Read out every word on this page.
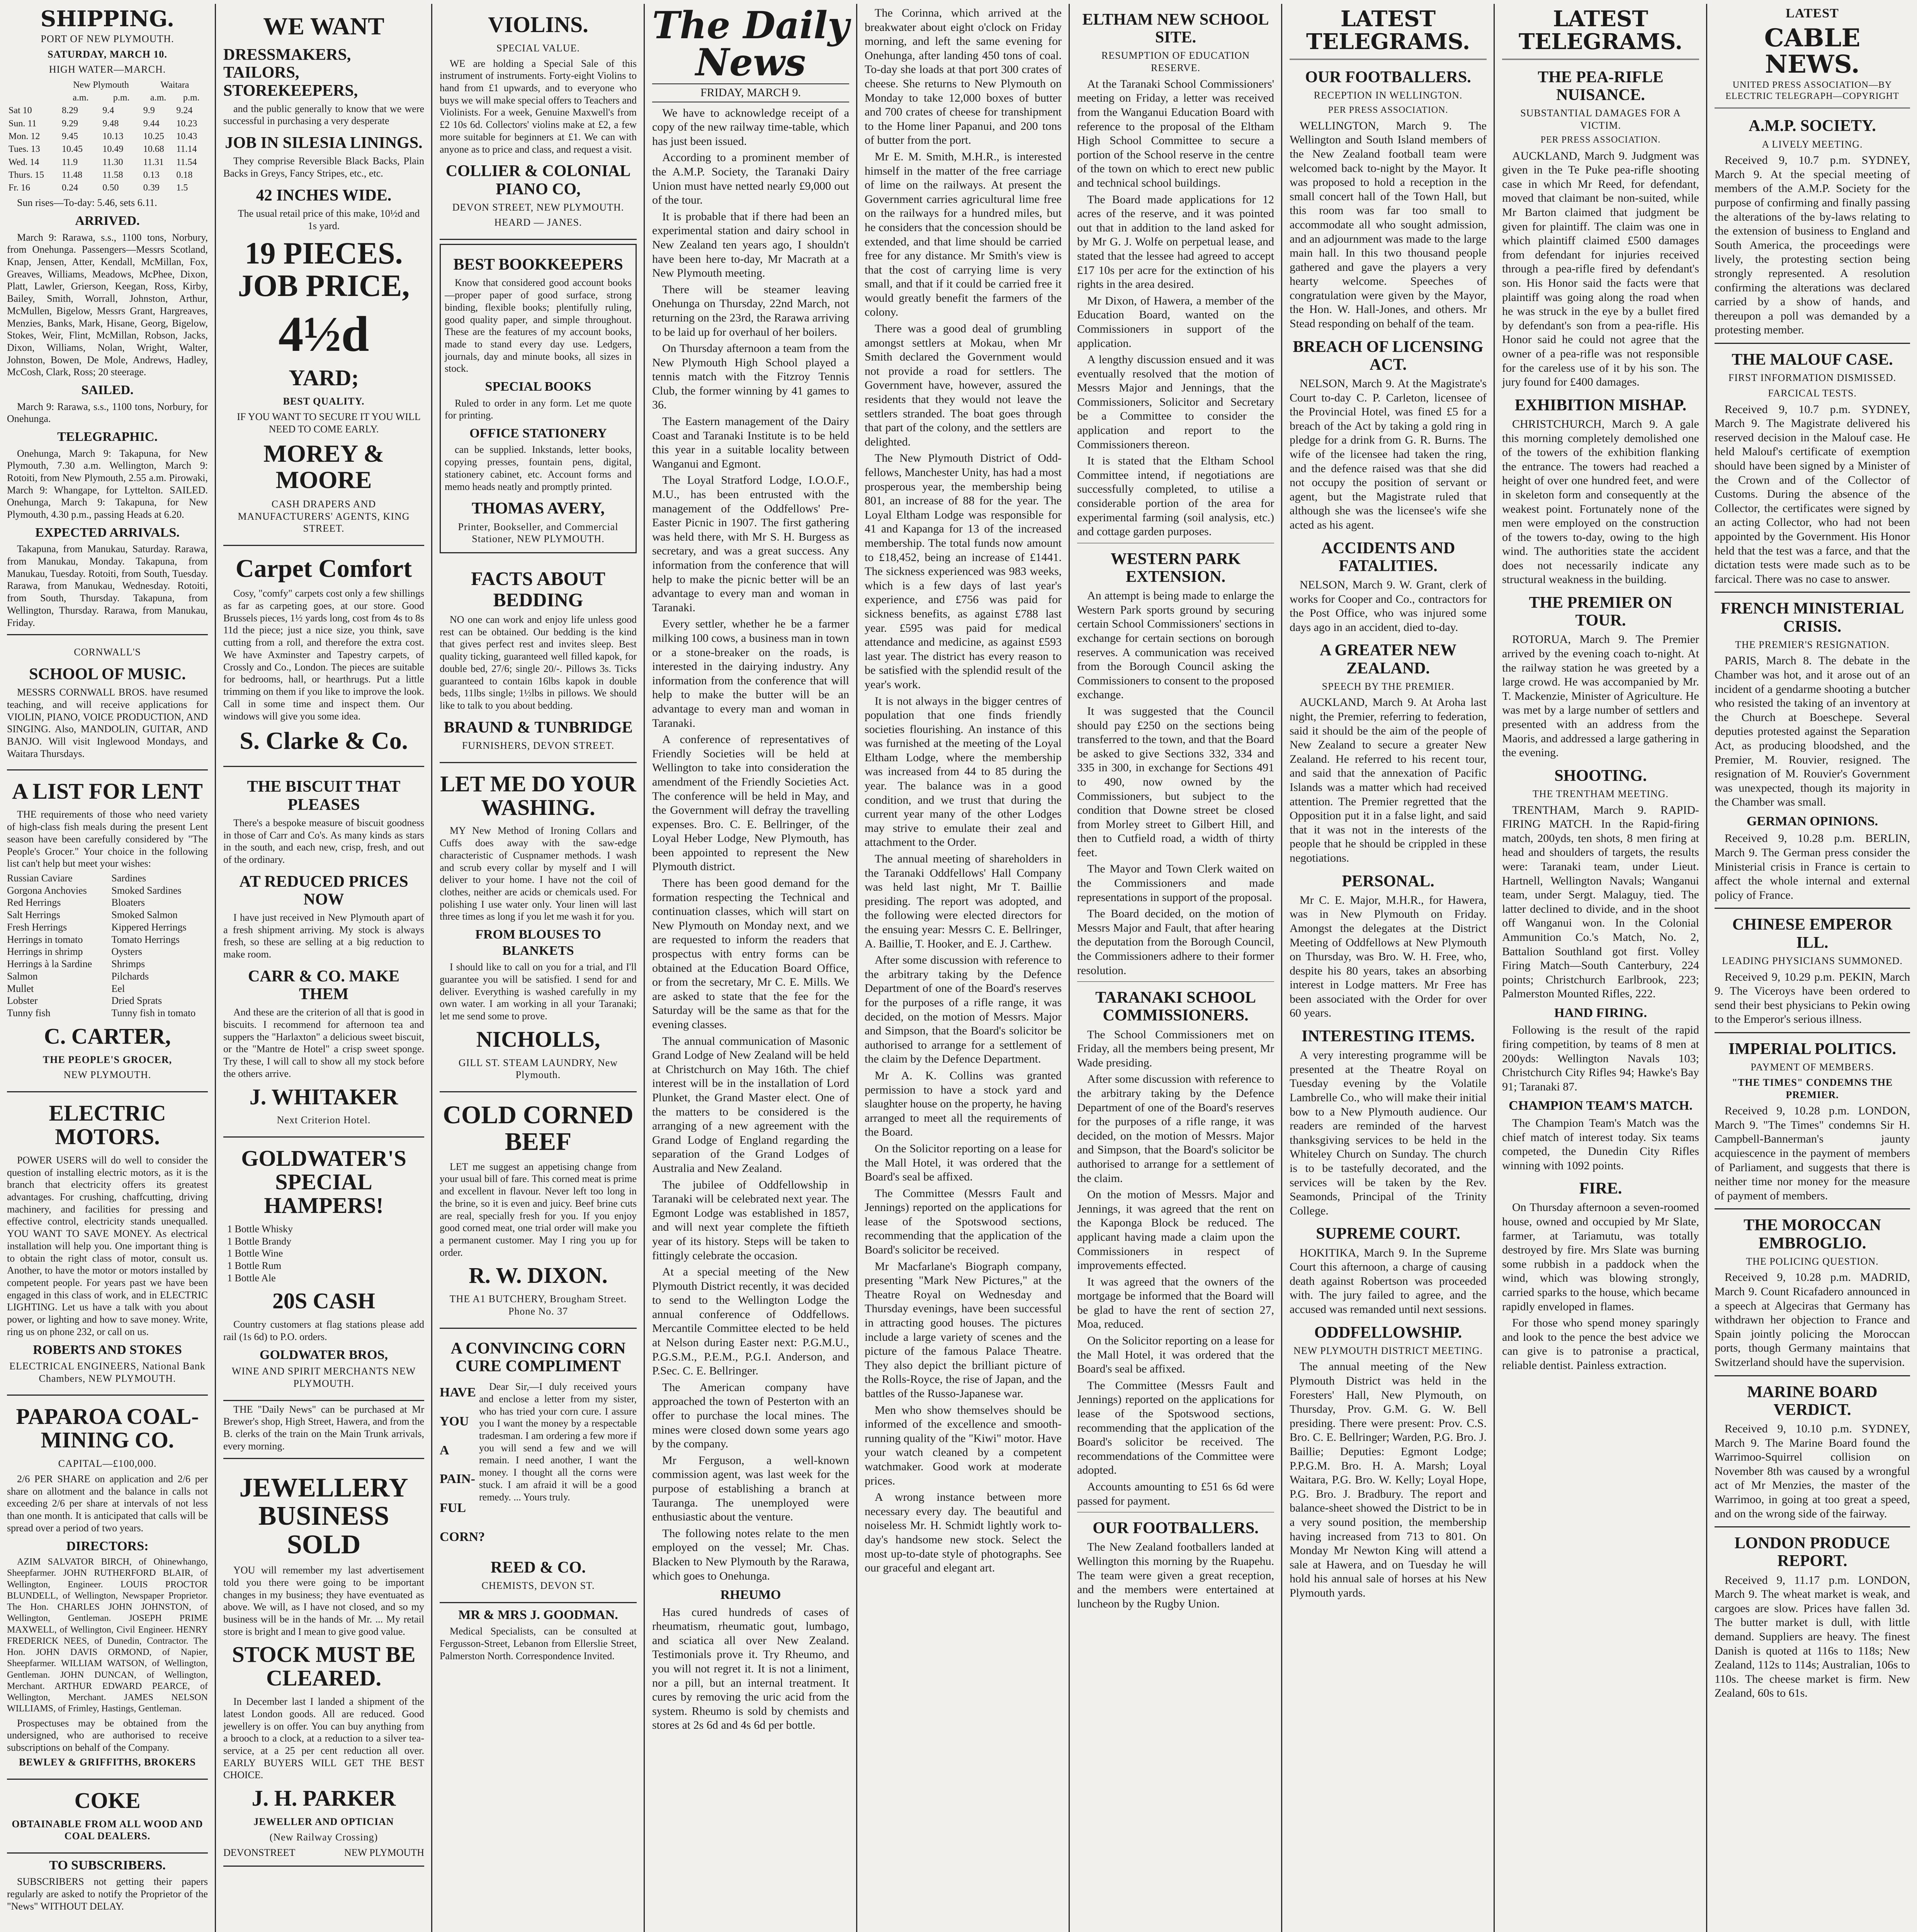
SHIPPING.
PORT OF NEW PLYMOUTH.
SATURDAY, MARCH 10.
HIGH WATER—MARCH.
	New Plymouth		Waitara	
	a.m.	p.m.	a.m.	p.m.
Sat 10	8.29	9.4	9.9	9.24
Sun. 11	9.29	9.48	9.44	10.23
Mon. 12	9.45	10.13	10.25	10.43
Tues. 13	10.45	10.49	10.68	11.14
Wed. 14	11.9	11.30	11.31	11.54
Thurs. 15	11.48	11.58	0.13	0.18
Fr. 16	0.24	0.50	0.39	1.5
Sun rises—To-day: 5.46, sets 6.11.
ARRIVED.
March 9: Rarawa, s.s., 1100 tons, Norbury, from Onehunga. Passengers—Messrs Scotland, Knap, Jensen, Atter, Kendall, McMillan, Fox, Greaves, Williams, Meadows, McPhee, Dixon, Platt, Lawler, Grierson, Keegan, Ross, Kirby, Bailey, Smith, Worrall, Johnston, Arthur, McMullen, Bigelow, Messrs Grant, Hargreaves, Menzies, Banks, Mark, Hisane, Georg, Bigelow, Stokes, Weir, Flint, McMillan, Robson, Jacks, Dixon, Williams, Nolan, Wright, Walter, Johnston, Bowen, De Mole, Andrews, Hadley, McCosh, Clark, Ross; 20 steerage.
SAILED.
March 9: Rarawa, s.s., 1100 tons, Norbury, for Onehunga.
TELEGRAPHIC.
Onehunga, March 9: Takapuna, for New Plymouth, 7.30 a.m. Wellington, March 9: Rotoiti, from New Plymouth, 2.55 a.m. Pirowaki, March 9: Whangape, for Lyttelton. SAILED. Onehunga, March 9: Takapuna, for New Plymouth, 4.30 p.m., passing Heads at 6.20.
EXPECTED ARRIVALS.
Takapuna, from Manukau, Saturday. Rarawa, from Manukau, Monday. Takapuna, from Manukau, Tuesday. Rotoiti, from South, Tuesday. Rarawa, from Manukau, Wednesday. Rotoiti, from South, Thursday. Takapuna, from Wellington, Thursday. Rarawa, from Manukau, Friday.
CORNWALL'S
SCHOOL OF MUSIC.
MESSRS CORNWALL BROS. have resumed teaching, and will receive applications for VIOLIN, PIANO, VOICE PRODUCTION, AND SINGING. Also, MANDOLIN, GUITAR, AND BANJO. Will visit Inglewood Mondays, and Waitara Thursdays.
A LIST FOR LENT
THE requirements of those who need variety of high-class fish meals during the present Lent season have been carefully considered by "The People's Grocer." Your choice in the following list can't help but meet your wishes:
Russian Caviare	Sardines
Gorgona Anchovies	Smoked Sardines
Red Herrings	Bloaters
Salt Herrings	Smoked Salmon
Fresh Herrings	Kippered Herrings
Herrings in tomato	Tomato Herrings
Herrings in shrimp	Oysters
Herrings à la Sardine	Shrimps
Salmon	Pilchards
Mullet	Eel
Lobster	Dried Sprats
Tunny fish	Tunny fish in tomato
C. CARTER,
THE PEOPLE'S GROCER,
NEW PLYMOUTH.
ELECTRIC MOTORS.
POWER USERS will do well to consider the question of installing electric motors, as it is the branch that electricity offers its greatest advantages. For crushing, chaffcutting, driving machinery, and facilities for pressing and effective control, electricity stands unequalled. YOU WANT TO SAVE MONEY. As electrical installation will help you. One important thing is to obtain the right class of motor, consult us. Another, to have the motor or motors installed by competent people. For years past we have been engaged in this class of work, and in ELECTRIC LIGHTING. Let us have a talk with you about power, or lighting and how to save money. Write, ring us on phone 232, or call on us.
ROBERTS AND STOKES
ELECTRICAL ENGINEERS, National Bank Chambers, NEW PLYMOUTH.
PAPAROA COAL-MINING CO.
CAPITAL—£100,000.
2/6 PER SHARE on application and 2/6 per share on allotment and the balance in calls not exceeding 2/6 per share at intervals of not less than one month. It is anticipated that calls will be spread over a period of two years.
DIRECTORS:
AZIM SALVATOR BIRCH, of Ohinewhango, Sheepfarmer. JOHN RUTHERFORD BLAIR, of Wellington, Engineer. LOUIS PROCTOR BLUNDELL, of Wellington, Newspaper Proprietor. The Hon. CHARLES JOHN JOHNSTON, of Wellington, Gentleman. JOSEPH PRIME MAXWELL, of Wellington, Civil Engineer. HENRY FREDERICK NEES, of Dunedin, Contractor. The Hon. JOHN DAVIS ORMOND, of Napier, Sheepfarmer. WILLIAM WATSON, of Wellington, Gentleman. JOHN DUNCAN, of Wellington, Merchant. ARTHUR EDWARD PEARCE, of Wellington, Merchant. JAMES NELSON WILLIAMS, of Frimley, Hastings, Gentleman.
Prospectuses may be obtained from the undersigned, who are authorised to receive subscriptions on behalf of the Company.
BEWLEY & GRIFFITHS, BROKERS
COKE
OBTAINABLE FROM ALL WOOD AND COAL DEALERS.
TO SUBSCRIBERS.
SUBSCRIBERS not getting their papers regularly are asked to notify the Proprietor of the "News" WITHOUT DELAY.
WE WANT
DRESSMAKERS, TAILORS, STOREKEEPERS,
and the public generally to know that we were successful in purchasing a very desperate
JOB IN SILESIA LININGS.
They comprise Reversible Black Backs, Plain Backs in Greys, Fancy Stripes, etc., etc.
42 INCHES WIDE.
The usual retail price of this make, 10½d and 1s yard.
19 PIECES. JOB PRICE,
4½d
YARD;
BEST QUALITY.
IF YOU WANT TO SECURE IT YOU WILL NEED TO COME EARLY.
MOREY & MOORE
CASH DRAPERS AND MANUFACTURERS' AGENTS, KING STREET.
Carpet Comfort
Cosy, "comfy" carpets cost only a few shillings as far as carpeting goes, at our store. Good Brussels pieces, 1½ yards long, cost from 4s to 8s 11d the piece; just a nice size, you think, save cutting from a roll, and therefore the extra cost. We have Axminster and Tapestry carpets, of Crossly and Co., London. The pieces are suitable for bedrooms, hall, or hearthrugs. Put a little trimming on them if you like to improve the look. Call in some time and inspect them. Our windows will give you some idea.
S. Clarke & Co.
THE BISCUIT THAT PLEASES
There's a bespoke measure of biscuit goodness in those of Carr and Co's. As many kinds as stars in the south, and each new, crisp, fresh, and out of the ordinary.
AT REDUCED PRICES NOW
I have just received in New Plymouth apart of a fresh shipment arriving. My stock is always fresh, so these are selling at a big reduction to make room.
CARR & CO. MAKE THEM
And these are the criterion of all that is good in biscuits. I recommend for afternoon tea and suppers the "Harlaxton" a delicious sweet biscuit, or the "Mantre de Hotel" a crisp sweet sponge. Try these, I will call to show all my stock before the others arrive.
J. WHITAKER
Next Criterion Hotel.
GOLDWATER'S SPECIAL HAMPERS!
1 Bottle Whisky
1 Bottle Brandy
1 Bottle Wine
1 Bottle Rum
1 Bottle Ale
20S CASH
Country customers at flag stations please add rail (1s 6d) to P.O. orders.
GOLDWATER BROS,
WINE AND SPIRIT MERCHANTS NEW PLYMOUTH.
THE "Daily News" can be purchased at Mr Brewer's shop, High Street, Hawera, and from the B. clerks of the train on the Main Trunk arrivals, every morning.
JEWELLERY BUSINESS SOLD
YOU will remember my last advertisement told you there were going to be important changes in my business; they have eventuated as above. We will, as I have not closed, and so my business will be in the hands of Mr. ... My retail store is bright and I mean to give good value.
STOCK MUST BE CLEARED.
In December last I landed a shipment of the latest London goods. All are reduced. Good jewellery is on offer. You can buy anything from a brooch to a clock, at a reduction to a silver tea-service, at a 25 per cent reduction all over. EARLY BUYERS WILL GET THE BEST CHOICE.
J. H. PARKER
JEWELLER AND OPTICIAN
(New Railway Crossing)
DEVONSTREET	NEW PLYMOUTH
VIOLINS.
SPECIAL VALUE.
WE are holding a Special Sale of this instrument of instruments. Forty-eight Violins to hand from £1 upwards, and to everyone who buys we will make special offers to Teachers and Violinists. For a week, Genuine Maxwell's from £2 10s 6d. Collectors' violins make at £2, a few more suitable for beginners at £1. We can with anyone as to price and class, and request a visit.
COLLIER & COLONIAL PIANO CO,
DEVON STREET, NEW PLYMOUTH.
HEARD — JANES.
BEST BOOKKEEPERS
Know that considered good account books—proper paper of good surface, strong binding, flexible books; plentifully ruling, good quality paper, and simple throughout. These are the features of my account books, made to stand every day use. Ledgers, journals, day and minute books, all sizes in stock.
SPECIAL BOOKS
Ruled to order in any form. Let me quote for printing.
OFFICE STATIONERY
can be supplied. Inkstands, letter books, copying presses, fountain pens, digital, stationery cabinet, etc. Account forms and memo heads neatly and promptly printed.
THOMAS AVERY,
Printer, Bookseller, and Commercial Stationer, NEW PLYMOUTH.
FACTS ABOUT BEDDING
NO one can work and enjoy life unless good rest can be obtained. Our bedding is the kind that gives perfect rest and invites sleep. Best quality ticking, guaranteed well filled kapok, for double bed, 27/6; single 20/-. Pillows 3s. Ticks guaranteed to contain 16lbs kapok in double beds, 11lbs single; 1½lbs in pillows. We should like to talk to you about bedding.
BRAUND & TUNBRIDGE
FURNISHERS, DEVON STREET.
LET ME DO YOUR WASHING.
MY New Method of Ironing Collars and Cuffs does away with the saw-edge characteristic of Cuspnamer methods. I wash and scrub every collar by myself and I will deliver to your home. I have not the coil of clothes, neither are acids or chemicals used. For polishing I use water only. Your linen will last three times as long if you let me wash it for you.
FROM BLOUSES TO BLANKETS
I should like to call on you for a trial, and I'll guarantee you will be satisfied. I send for and deliver. Everything is washed carefully in my own water. I am working in all your Taranaki; let me send some to prove.
NICHOLLS,
GILL ST. STEAM LAUNDRY, New Plymouth.
COLD CORNED BEEF
LET me suggest an appetising change from your usual bill of fare. This corned meat is prime and excellent in flavour. Never left too long in the brine, so it is even and juicy. Beef brine cuts are real, specially fresh for you. If you enjoy good corned meat, one trial order will make you a permanent customer. May I ring you up for order.
R. W. DIXON.
THE A1 BUTCHERY, Brougham Street. Phone No. 37
A CONVINCING CORN CURE COMPLIMENT
HAVE
YOU
A
PAIN-
FUL
CORN?
Dear Sir,—I duly received yours and enclose a letter from my sister, who has tried your corn cure. I assure you I want the money by a respectable tradesman. I am ordering a few more if you will send a few and we will remain. I need another, I want the money. I thought all the corns were stuck. I am afraid it will be a good remedy. ... Yours truly.
REED & CO.
CHEMISTS, DEVON ST.
MR & MRS J. GOODMAN.
Medical Specialists, can be consulted at Fergusson-Street, Lebanon from Ellerslie Street, Palmerston North. Correspondence Invited.
The Daily News
FRIDAY, MARCH 9.
We have to acknowledge receipt of a copy of the new railway time-table, which has just been issued.
According to a prominent member of the A.M.P. Society, the Taranaki Dairy Union must have netted nearly £9,000 out of the tour.
It is probable that if there had been an experimental station and dairy school in New Zealand ten years ago, I shouldn't have been here to-day, Mr Macrath at a New Plymouth meeting.
There will be steamer leaving Onehunga on Thursday, 22nd March, not returning on the 23rd, the Rarawa arriving to be laid up for overhaul of her boilers.
On Thursday afternoon a team from the New Plymouth High School played a tennis match with the Fitzroy Tennis Club, the former winning by 41 games to 36.
The Eastern management of the Dairy Coast and Taranaki Institute is to be held this year in a suitable locality between Wanganui and Egmont.
The Loyal Stratford Lodge, I.O.O.F., M.U., has been entrusted with the management of the Oddfellows' Pre-Easter Picnic in 1907. The first gathering was held there, with Mr S. H. Burgess as secretary, and was a great success. Any information from the conference that will help to make the picnic better will be an advantage to every man and woman in Taranaki.
Every settler, whether he be a farmer milking 100 cows, a business man in town or a stone-breaker on the roads, is interested in the dairying industry. Any information from the conference that will help to make the butter will be an advantage to every man and woman in Taranaki.
A conference of representatives of Friendly Societies will be held at Wellington to take into consideration the amendment of the Friendly Societies Act. The conference will be held in May, and the Government will defray the travelling expenses. Bro. C. E. Bellringer, of the Loyal Heber Lodge, New Plymouth, has been appointed to represent the New Plymouth district.
There has been good demand for the formation respecting the Technical and continuation classes, which will start on New Plymouth on Monday next, and we are requested to inform the readers that prospectus with entry forms can be obtained at the Education Board Office, or from the secretary, Mr C. E. Mills. We are asked to state that the fee for the Saturday will be the same as that for the evening classes.
The annual communication of Masonic Grand Lodge of New Zealand will be held at Christchurch on May 16th. The chief interest will be in the installation of Lord Plunket, the Grand Master elect. One of the matters to be considered is the arranging of a new agreement with the Grand Lodge of England regarding the separation of the Grand Lodges of Australia and New Zealand.
The jubilee of Oddfellowship in Taranaki will be celebrated next year. The Egmont Lodge was established in 1857, and will next year complete the fiftieth year of its history. Steps will be taken to fittingly celebrate the occasion.
At a special meeting of the New Plymouth District recently, it was decided to send to the Wellington Lodge the annual conference of Oddfellows. Mercantile Committee elected to be held at Nelson during Easter next: P.G.M.U., P.G.S.M., P.E.M., P.G.I. Anderson, and P.Sec. C. E. Bellringer.
The American company have approached the town of Pesterton with an offer to purchase the local mines. The mines were closed down some years ago by the company.
Mr Ferguson, a well-known commission agent, was last week for the purpose of establishing a branch at Tauranga. The unemployed were enthusiastic about the venture.
The following notes relate to the men employed on the vessel; Mr. Chas. Blacken to New Plymouth by the Rarawa, which goes to Onehunga.
RHEUMO
Has cured hundreds of cases of rheumatism, rheumatic gout, lumbago, and sciatica all over New Zealand. Testimonials prove it. Try Rheumo, and you will not regret it. It is not a liniment, nor a pill, but an internal treatment. It cures by removing the uric acid from the system. Rheumo is sold by chemists and stores at 2s 6d and 4s 6d per bottle.
The Corinna, which arrived at the breakwater about eight o'clock on Friday morning, and left the same evening for Onehunga, after landing 450 tons of coal. To-day she loads at that port 300 crates of cheese. She returns to New Plymouth on Monday to take 12,000 boxes of butter and 700 crates of cheese for transhipment to the Home liner Papanui, and 200 tons of butter from the port.
Mr E. M. Smith, M.H.R., is interested himself in the matter of the free carriage of lime on the railways. At present the Government carries agricultural lime free on the railways for a hundred miles, but he considers that the concession should be extended, and that lime should be carried free for any distance. Mr Smith's view is that the cost of carrying lime is very small, and that if it could be carried free it would greatly benefit the farmers of the colony.
There was a good deal of grumbling amongst settlers at Mokau, when Mr Smith declared the Government would not provide a road for settlers. The Government have, however, assured the residents that they would not leave the settlers stranded. The boat goes through that part of the colony, and the settlers are delighted.
The New Plymouth District of Odd-fellows, Manchester Unity, has had a most prosperous year, the membership being 801, an increase of 88 for the year. The Loyal Eltham Lodge was responsible for 41 and Kapanga for 13 of the increased membership. The total funds now amount to £18,452, being an increase of £1441. The sickness experienced was 983 weeks, which is a few days of last year's experience, and £756 was paid for sickness benefits, as against £788 last year. £595 was paid for medical attendance and medicine, as against £593 last year. The district has every reason to be satisfied with the splendid result of the year's work.
It is not always in the bigger centres of population that one finds friendly societies flourishing. An instance of this was furnished at the meeting of the Loyal Eltham Lodge, where the membership was increased from 44 to 85 during the year. The balance was in a good condition, and we trust that during the current year many of the other Lodges may strive to emulate their zeal and attachment to the Order.
The annual meeting of shareholders in the Taranaki Oddfellows' Hall Company was held last night, Mr T. Baillie presiding. The report was adopted, and the following were elected directors for the ensuing year: Messrs C. E. Bellringer, A. Baillie, T. Hooker, and E. J. Carthew.
After some discussion with reference to the arbitrary taking by the Defence Department of one of the Board's reserves for the purposes of a rifle range, it was decided, on the motion of Messrs. Major and Simpson, that the Board's solicitor be authorised to arrange for a settlement of the claim by the Defence Department.
Mr A. K. Collins was granted permission to have a stock yard and slaughter house on the property, he having arranged to meet all the requirements of the Board.
On the Solicitor reporting on a lease for the Mall Hotel, it was ordered that the Board's seal be affixed.
The Committee (Messrs Fault and Jennings) reported on the applications for lease of the Spotswood sections, recommending that the application of the Board's solicitor be received.
Mr Macfarlane's Biograph company, presenting "Mark New Pictures," at the Theatre Royal on Wednesday and Thursday evenings, have been successful in attracting good houses. The pictures include a large variety of scenes and the picture of the famous Palace Theatre. They also depict the brilliant picture of the Rolls-Royce, the rise of Japan, and the battles of the Russo-Japanese war.
Men who show themselves should be informed of the excellence and smooth-running quality of the "Kiwi" motor. Have your watch cleaned by a competent watchmaker. Good work at moderate prices.
A wrong instance between more necessary every day. The beautiful and noiseless Mr. H. Schmidt lightly work to-day's handsome new stock. Select the most up-to-date style of photographs. See our graceful and elegant art.
ELTHAM NEW SCHOOL SITE.
RESUMPTION OF EDUCATION RESERVE.
At the Taranaki School Commissioners' meeting on Friday, a letter was received from the Wanganui Education Board with reference to the proposal of the Eltham High School Committee to secure a portion of the School reserve in the centre of the town on which to erect new public and technical school buildings.
The Board made applications for 12 acres of the reserve, and it was pointed out that in addition to the land asked for by Mr G. J. Wolfe on perpetual lease, and stated that the lessee had agreed to accept £17 10s per acre for the extinction of his rights in the area desired.
Mr Dixon, of Hawera, a member of the Education Board, wanted on the Commissioners in support of the application.
A lengthy discussion ensued and it was eventually resolved that the motion of Messrs Major and Jennings, that the Commissioners, Solicitor and Secretary be a Committee to consider the application and report to the Commissioners thereon.
It is stated that the Eltham School Committee intend, if negotiations are successfully completed, to utilise a considerable portion of the area for experimental farming (soil analysis, etc.) and cottage garden purposes.
WESTERN PARK EXTENSION.
An attempt is being made to enlarge the Western Park sports ground by securing certain School Commissioners' sections in exchange for certain sections on borough reserves. A communication was received from the Borough Council asking the Commissioners to consent to the proposed exchange.
It was suggested that the Council should pay £250 on the sections being transferred to the town, and that the Board be asked to give Sections 332, 334 and 335 in 300, in exchange for Sections 491 to 490, now owned by the Commissioners, but subject to the condition that Downe street be closed from Morley street to Gilbert Hill, and then to Cutfield road, a width of thirty feet.
The Mayor and Town Clerk waited on the Commissioners and made representations in support of the proposal.
The Board decided, on the motion of Messrs Major and Fault, that after hearing the deputation from the Borough Council, the Commissioners adhere to their former resolution.
TARANAKI SCHOOL COMMISSIONERS.
The School Commissioners met on Friday, all the members being present, Mr Wade presiding.
After some discussion with reference to the arbitrary taking by the Defence Department of one of the Board's reserves for the purposes of a rifle range, it was decided, on the motion of Messrs. Major and Simpson, that the Board's solicitor be authorised to arrange for a settlement of the claim.
On the motion of Messrs. Major and Jennings, it was agreed that the rent on the Kaponga Block be reduced. The applicant having made a claim upon the Commissioners in respect of improvements effected.
It was agreed that the owners of the mortgage be informed that the Board will be glad to have the rent of section 27, Moa, reduced.
On the Solicitor reporting on a lease for the Mall Hotel, it was ordered that the Board's seal be affixed.
The Committee (Messrs Fault and Jennings) reported on the applications for lease of the Spotswood sections, recommending that the application of the Board's solicitor be received. The recommendations of the Committee were adopted.
Accounts amounting to £51 6s 6d were passed for payment.
OUR FOOTBALLERS.
The New Zealand footballers landed at Wellington this morning by the Ruapehu. The team were given a great reception, and the members were entertained at luncheon by the Rugby Union.
LATEST TELEGRAMS.
OUR FOOTBALLERS.
RECEPTION IN WELLINGTON.
PER PRESS ASSOCIATION.
WELLINGTON, March 9. The Wellington and South Island members of the New Zealand football team were welcomed back to-night by the Mayor. It was proposed to hold a reception in the small concert hall of the Town Hall, but this room was far too small to accommodate all who sought admission, and an adjournment was made to the large main hall. In this two thousand people gathered and gave the players a very hearty welcome. Speeches of congratulation were given by the Mayor, the Hon. W. Hall-Jones, and others. Mr Stead responding on behalf of the team.
BREACH OF LICENSING ACT.
NELSON, March 9. At the Magistrate's Court to-day C. P. Carleton, licensee of the Provincial Hotel, was fined £5 for a breach of the Act by taking a gold ring in pledge for a drink from G. R. Burns. The wife of the licensee had taken the ring, and the defence raised was that she did not occupy the position of servant or agent, but the Magistrate ruled that although she was the licensee's wife she acted as his agent.
ACCIDENTS AND FATALITIES.
NELSON, March 9. W. Grant, clerk of works for Cooper and Co., contractors for the Post Office, who was injured some days ago in an accident, died to-day.
A GREATER NEW ZEALAND.
SPEECH BY THE PREMIER.
AUCKLAND, March 9. At Aroha last night, the Premier, referring to federation, said it should be the aim of the people of New Zealand to secure a greater New Zealand. He referred to his recent tour, and said that the annexation of Pacific Islands was a matter which had received attention. The Premier regretted that the Opposition put it in a false light, and said that it was not in the interests of the people that he should be crippled in these negotiations.
PERSONAL.
Mr C. E. Major, M.H.R., for Hawera, was in New Plymouth on Friday. Amongst the delegates at the District Meeting of Oddfellows at New Plymouth on Thursday, was Bro. W. H. Free, who, despite his 80 years, takes an absorbing interest in Lodge matters. Mr Free has been associated with the Order for over 60 years.
INTERESTING ITEMS.
A very interesting programme will be presented at the Theatre Royal on Tuesday evening by the Volatile Lambrelle Co., who will make their initial bow to a New Plymouth audience. Our readers are reminded of the harvest thanksgiving services to be held in the Whiteley Church on Sunday. The church is to be tastefully decorated, and the services will be taken by the Rev. Seamonds, Principal of the Trinity College.
SUPREME COURT.
HOKITIKA, March 9. In the Supreme Court this afternoon, a charge of causing death against Robertson was proceeded with. The jury failed to agree, and the accused was remanded until next sessions.
ODDFELLOWSHIP.
NEW PLYMOUTH DISTRICT MEETING.
The annual meeting of the New Plymouth District was held in the Foresters' Hall, New Plymouth, on Thursday, Prov. G.M. G. W. Bell presiding. There were present: Prov. C.S. Bro. C. E. Bellringer; Warden, P.G. Bro. J. Baillie; Deputies: Egmont Lodge; P.P.G.M. Bro. H. A. Marsh; Loyal Waitara, P.G. Bro. W. Kelly; Loyal Hope, P.G. Bro. J. Bradbury. The report and balance-sheet showed the District to be in a very sound position, the membership having increased from 713 to 801. On Monday Mr Newton King will attend a sale at Hawera, and on Tuesday he will hold his annual sale of horses at his New Plymouth yards.
LATEST TELEGRAMS.
THE PEA-RIFLE NUISANCE.
SUBSTANTIAL DAMAGES FOR A VICTIM.
PER PRESS ASSOCIATION.
AUCKLAND, March 9. Judgment was given in the Te Puke pea-rifle shooting case in which Mr Reed, for defendant, moved that claimant be non-suited, while Mr Barton claimed that judgment be given for plaintiff. The claim was one in which plaintiff claimed £500 damages from defendant for injuries received through a pea-rifle fired by defendant's son. His Honor said the facts were that plaintiff was going along the road when he was struck in the eye by a bullet fired by defendant's son from a pea-rifle. His Honor said he could not agree that the owner of a pea-rifle was not responsible for the careless use of it by his son. The jury found for £400 damages.
EXHIBITION MISHAP.
CHRISTCHURCH, March 9. A gale this morning completely demolished one of the towers of the exhibition flanking the entrance. The towers had reached a height of over one hundred feet, and were in skeleton form and consequently at the weakest point. Fortunately none of the men were employed on the construction of the towers to-day, owing to the high wind. The authorities state the accident does not necessarily indicate any structural weakness in the building.
THE PREMIER ON TOUR.
ROTORUA, March 9. The Premier arrived by the evening coach to-night. At the railway station he was greeted by a large crowd. He was accompanied by Mr. T. Mackenzie, Minister of Agriculture. He was met by a large number of settlers and presented with an address from the Maoris, and addressed a large gathering in the evening.
SHOOTING.
THE TRENTHAM MEETING.
TRENTHAM, March 9. RAPID-FIRING MATCH. In the Rapid-firing match, 200yds, ten shots, 8 men firing at head and shoulders of targets, the results were: Taranaki team, under Lieut. Hartnell, Wellington Navals; Wanganui team, under Sergt. Malaguy, tied. The latter declined to divide, and in the shoot off Wanganui won. In the Colonial Ammunition Co.'s Match, No. 2, Battalion Southland got first. Volley Firing Match—South Canterbury, 224 points; Christchurch Earlbrook, 223; Palmerston Mounted Rifles, 222.
HAND FIRING.
Following is the result of the rapid firing competition, by teams of 8 men at 200yds: Wellington Navals 103; Christchurch City Rifles 94; Hawke's Bay 91; Taranaki 87.
CHAMPION TEAM'S MATCH.
The Champion Team's Match was the chief match of interest today. Six teams competed, the Dunedin City Rifles winning with 1092 points.
FIRE.
On Thursday afternoon a seven-roomed house, owned and occupied by Mr Slate, farmer, at Tariamutu, was totally destroyed by fire. Mrs Slate was burning some rubbish in a paddock when the wind, which was blowing strongly, carried sparks to the house, which became rapidly enveloped in flames.
For those who spend money sparingly and look to the pence the best advice we can give is to patronise a practical, reliable dentist. Painless extraction.
LATEST
CABLE NEWS.
UNITED PRESS ASSOCIATION—BY ELECTRIC TELEGRAPH—COPYRIGHT
A.M.P. SOCIETY.
A LIVELY MEETING.
Received 9, 10.7 p.m. SYDNEY, March 9. At the special meeting of members of the A.M.P. Society for the purpose of confirming and finally passing the alterations of the by-laws relating to the extension of business to England and South America, the proceedings were lively, the protesting section being strongly represented. A resolution confirming the alterations was declared carried by a show of hands, and thereupon a poll was demanded by a protesting member.
THE MALOUF CASE.
FIRST INFORMATION DISMISSED.
FARCICAL TESTS.
Received 9, 10.7 p.m. SYDNEY, March 9. The Magistrate delivered his reserved decision in the Malouf case. He held Malouf's certificate of exemption should have been signed by a Minister of the Crown and of the Collector of Customs. During the absence of the Collector, the certificates were signed by an acting Collector, who had not been appointed by the Government. His Honor held that the test was a farce, and that the dictation tests were made such as to be farcical. There was no case to answer.
FRENCH MINISTERIAL CRISIS.
THE PREMIER'S RESIGNATION.
PARIS, March 8. The debate in the Chamber was hot, and it arose out of an incident of a gendarme shooting a butcher who resisted the taking of an inventory at the Church at Boeschepe. Several deputies protested against the Separation Act, as producing bloodshed, and the Premier, M. Rouvier, resigned. The resignation of M. Rouvier's Government was unexpected, though its majority in the Chamber was small.
GERMAN OPINIONS.
Received 9, 10.28 p.m. BERLIN, March 9. The German press consider the Ministerial crisis in France is certain to affect the whole internal and external policy of France.
CHINESE EMPEROR ILL.
LEADING PHYSICIANS SUMMONED.
Received 9, 10.29 p.m. PEKIN, March 9. The Viceroys have been ordered to send their best physicians to Pekin owing to the Emperor's serious illness.
IMPERIAL POLITICS.
PAYMENT OF MEMBERS.
"THE TIMES" CONDEMNS THE PREMIER.
Received 9, 10.28 p.m. LONDON, March 9. "The Times" condemns Sir H. Campbell-Bannerman's jaunty acquiescence in the payment of members of Parliament, and suggests that there is neither time nor money for the measure of payment of members.
THE MOROCCAN EMBROGLIO.
THE POLICING QUESTION.
Received 9, 10.28 p.m. MADRID, March 9. Count Ricafadero announced in a speech at Algeciras that Germany has withdrawn her objection to France and Spain jointly policing the Moroccan ports, though Germany maintains that Switzerland should have the supervision.
MARINE BOARD VERDICT.
Received 9, 10.10 p.m. SYDNEY, March 9. The Marine Board found the Warrimoo-Squirrel collision on November 8th was caused by a wrongful act of Mr Menzies, the master of the Warrimoo, in going at too great a speed, and on the wrong side of the fairway.
LONDON PRODUCE REPORT.
Received 9, 11.17 p.m. LONDON, March 9. The wheat market is weak, and cargoes are slow. Prices have fallen 3d. The butter market is dull, with little demand. Suppliers are heavy. The finest Danish is quoted at 116s to 118s; New Zealand, 112s to 114s; Australian, 106s to 110s. The cheese market is firm. New Zealand, 60s to 61s.
